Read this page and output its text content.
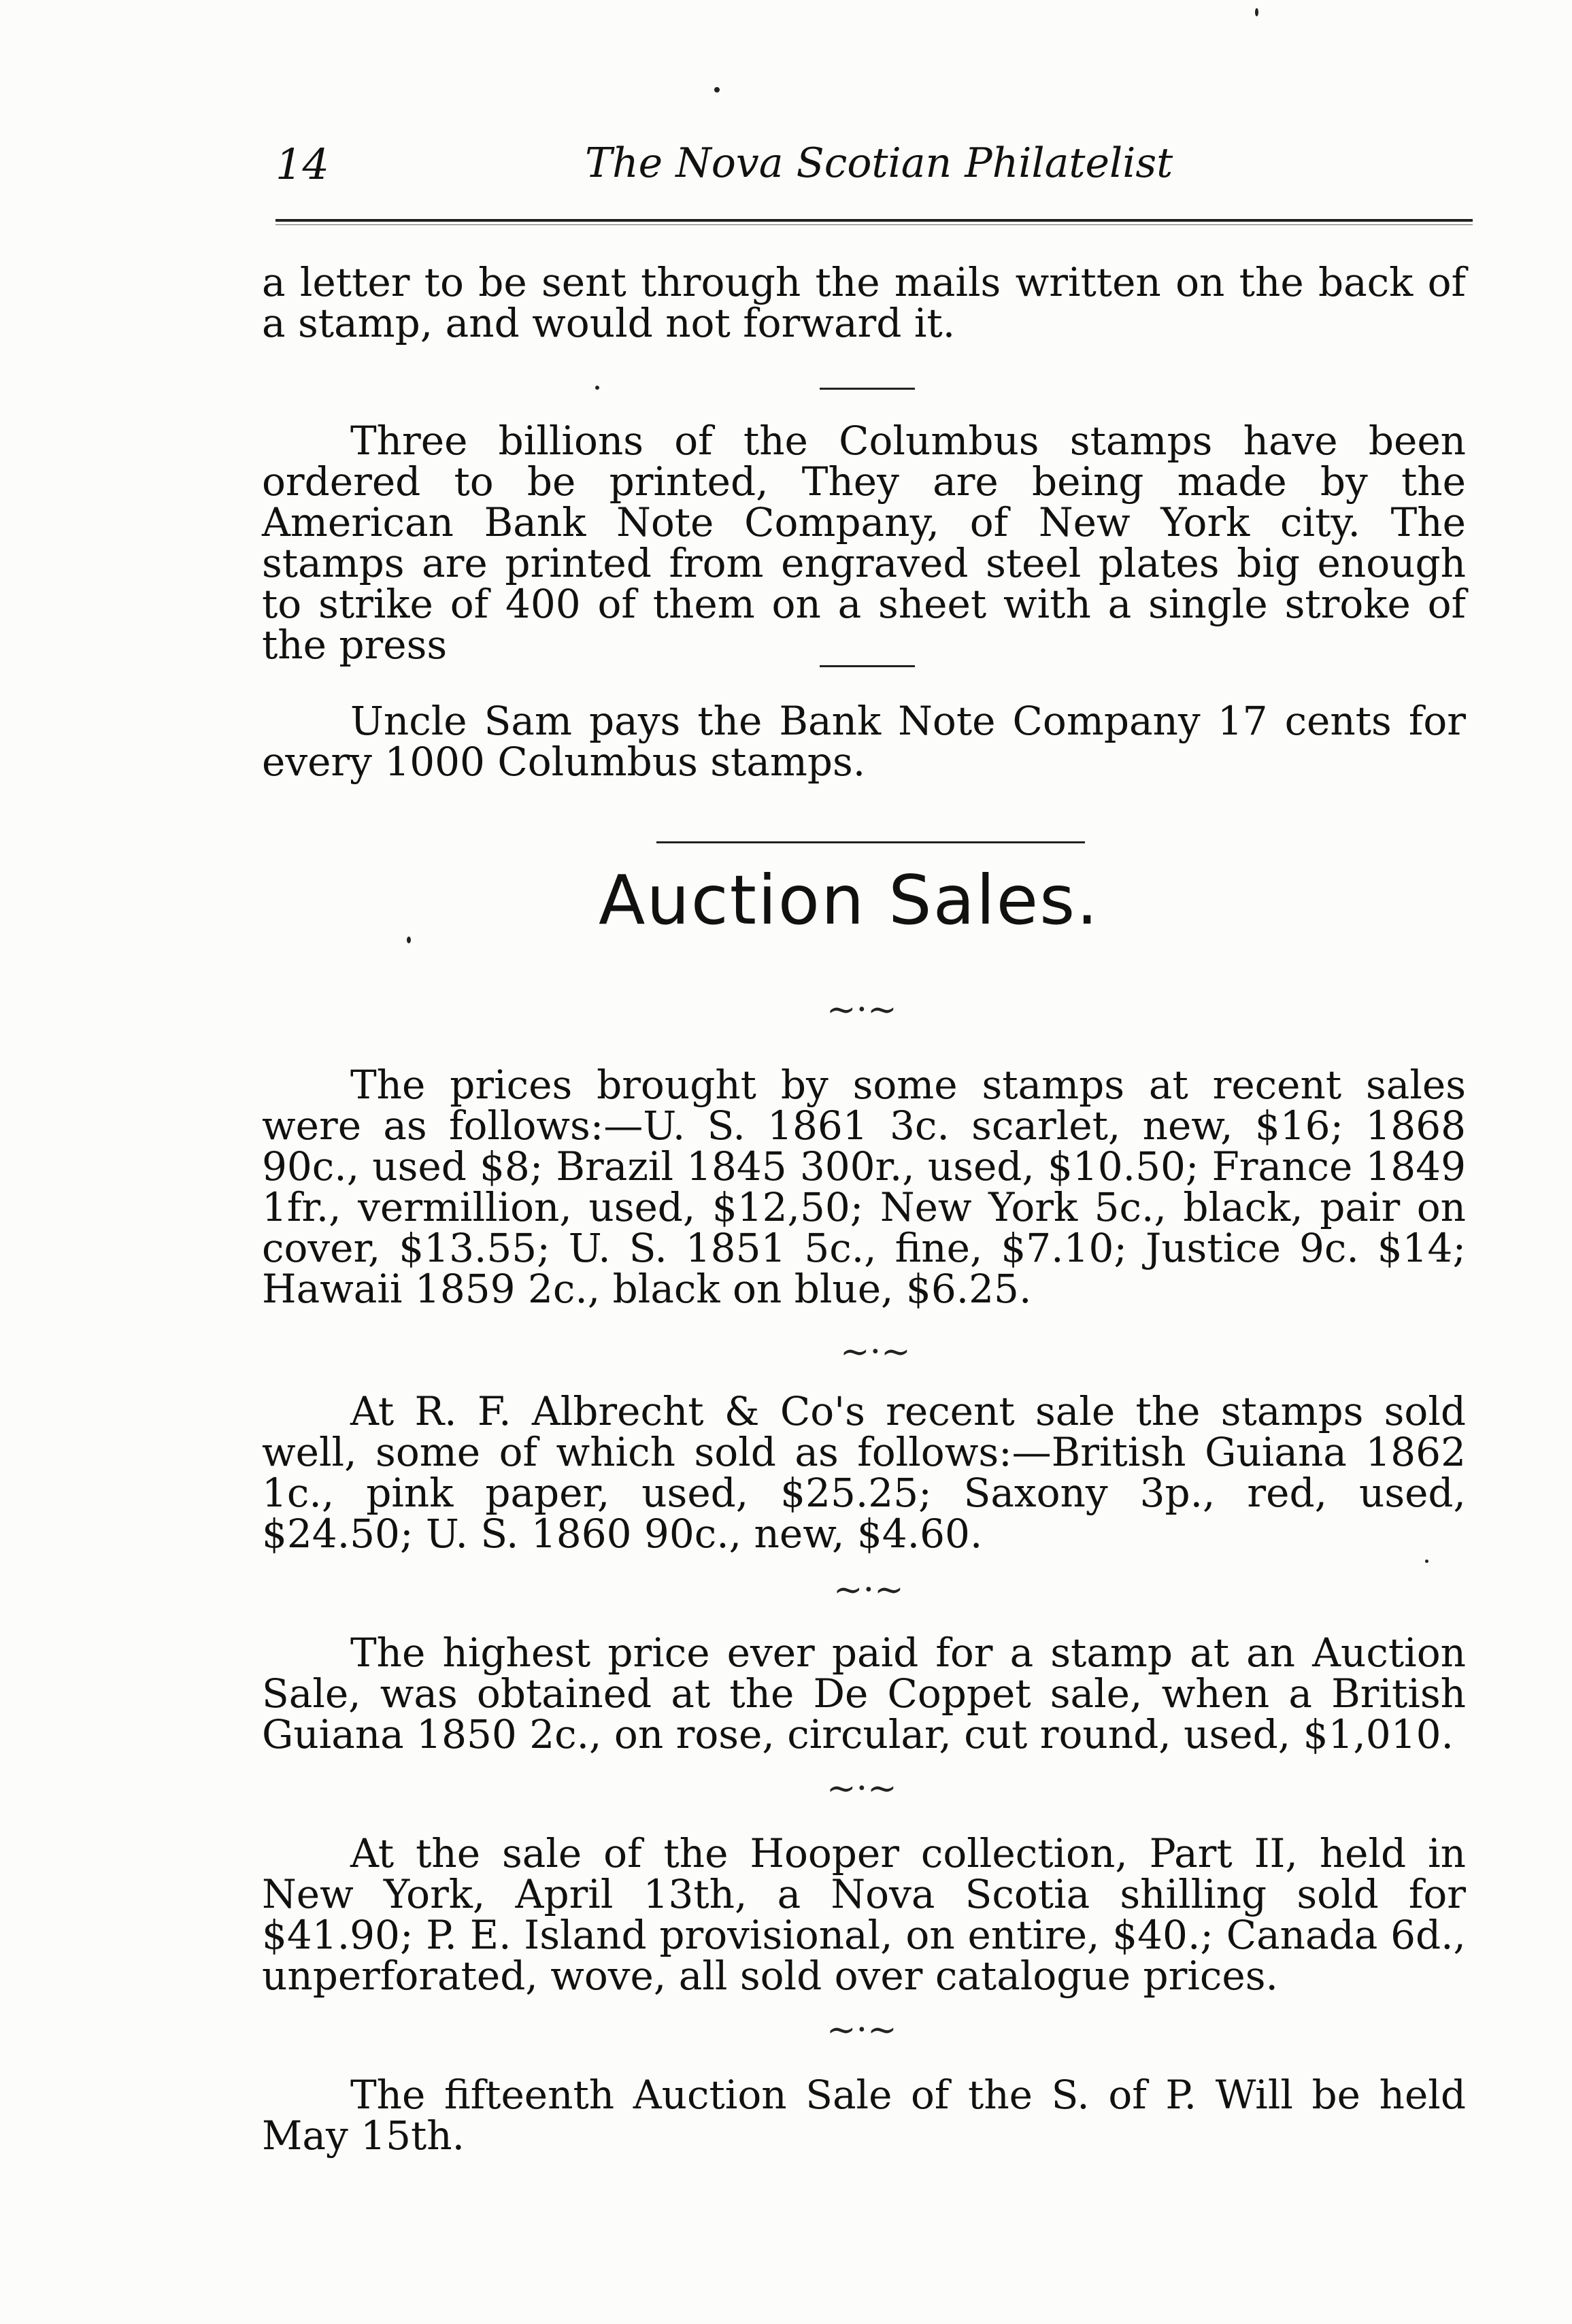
14	The Nova Scotian Philatelist
a letter to be sent through the mails written on the back of a stamp, and would not forward it.
Three billions of the Columbus stamps have been ordered to be printed, They are being made by the American Bank Note Company, of New York city. The stamps are printed from engraved steel plates big enough to strike of 400 of them on a sheet with a single stroke of the press
Uncle Sam pays the Bank Note Company 17 cents for every 1000 Columbus stamps.
Auction Sales.
~·~
The prices brought by some stamps at recent sales were as follows:—U. S. 1861 3c. scarlet, new, $16; 1868 90c., used $8; Brazil 1845 300r., used, $10.50; France 1849 1fr., vermillion, used, $12,50; New York 5c., black, pair on cover, $13.55; U. S. 1851 5c., fine, $7.10; Justice 9c. $14; Hawaii 1859 2c., black on blue, $6.25.
~·~
At R. F. Albrecht & Co's recent sale the stamps sold well, some of which sold as follows:—British Guiana 1862 1c., pink paper, used, $25.25; Saxony 3p., red, used, $24.50; U. S. 1860 90c., new, $4.60.
~·~
The highest price ever paid for a stamp at an Auction Sale, was obtained at the De Coppet sale, when a British Guiana 1850 2c., on rose, circular, cut round, used, $1,010.
~·~
At the sale of the Hooper collection, Part II, held in New York, April 13th, a Nova Scotia shilling sold for $41.90; P. E. Island provisional, on entire, $40.; Canada 6d., unperforated, wove, all sold over catalogue prices.
~·~
The fifteenth Auction Sale of the S. of P. Will be held May 15th.
